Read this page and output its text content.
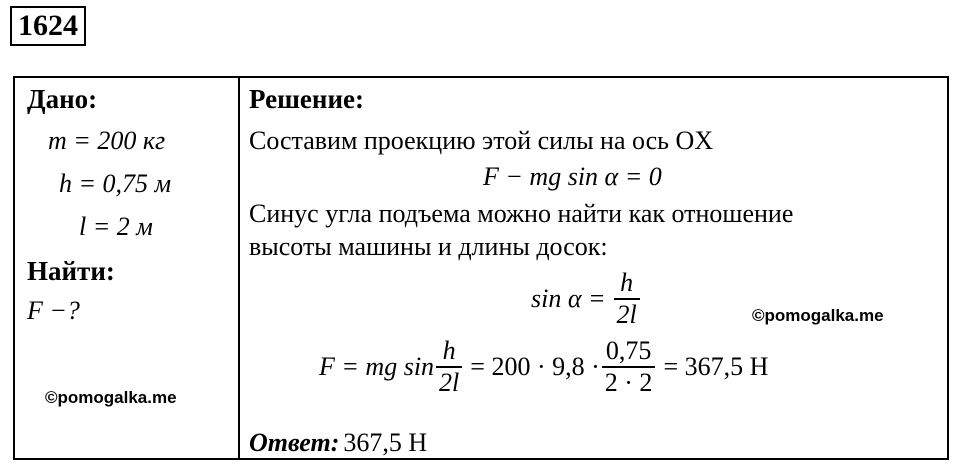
1624
Дано:
m = 200 кг
h = 0,75 м
l = 2 м
Найти:
F −?
©pomogalka.me
Решение:
Составим проекцию этой силы на ось OX
F − mg sin α = 0
Синус угла подъема можно найти как отношение
высоты машины и длины досок:
$\sin \alpha = \frac{h}{2l}$	©pomogalka.me
F = mg $\sin \frac{h}{2l} = 200 \cdot 9,8 \cdot \frac{0,75}{2 \cdot 2} = 367,5$ Н
Ответ: 367,5 Н
